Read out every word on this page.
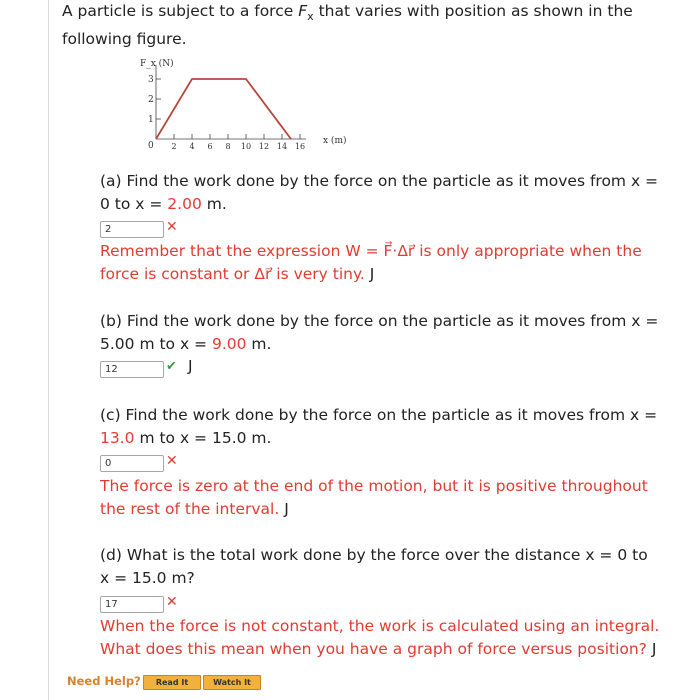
A particle is subject to a force $F_x$ that varies with position as shown in the
following figure.
F_x (N)
x (m)
0
1
2
3
2 4 6 8 10 12 14 16
(a) Find the work done by the force on the particle as it moves from x =
0 to x = 2.00 m.
2	✕
Remember that the expression W = F⃗·Δr⃗ is only appropriate when the
force is constant or Δr⃗ is very tiny. J
(b) Find the work done by the force on the particle as it moves from x =
5.00 m to x = 9.00 m.
12	✔ J
(c) Find the work done by the force on the particle as it moves from x =
13.0 m to x = 15.0 m.
0	✕
The force is zero at the end of the motion, but it is positive throughout
the rest of the interval. J
(d) What is the total work done by the force over the distance x = 0 to
x = 15.0 m?
17	✕
When the force is not constant, the work is calculated using an integral.
What does this mean when you have a graph of force versus position? J
Need Help?	Read It	Watch It
